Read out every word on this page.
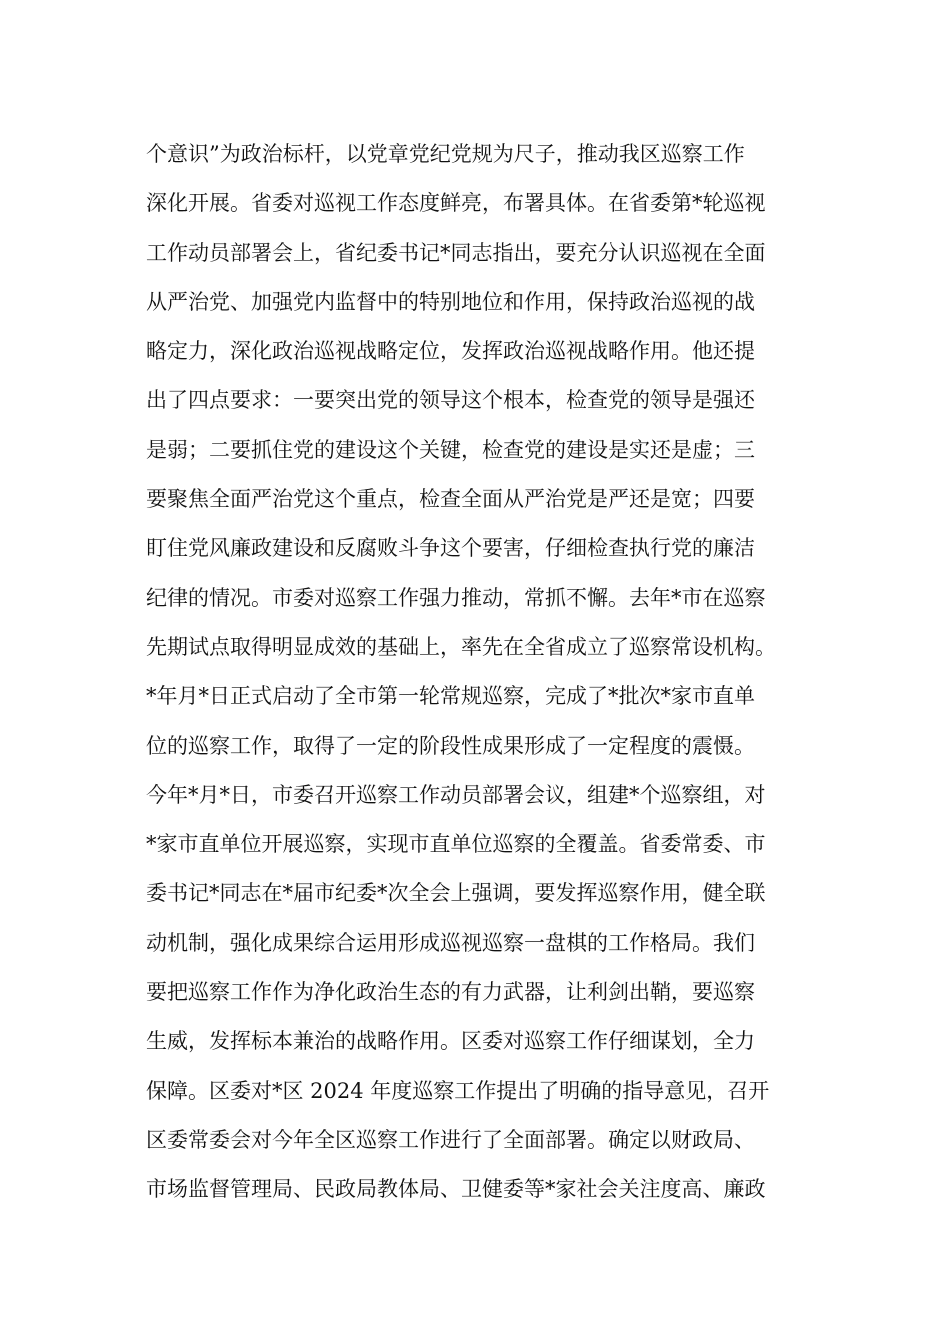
个意识”为政治标杆，以党章党纪党规为尺子，推动我区巡察工作
深化开展。省委对巡视工作态度鲜亮，布署具体。在省委第*轮巡视
工作动员部署会上，省纪委书记*同志指出，要充分认识巡视在全面
从严治党、加强党内监督中的特别地位和作用，保持政治巡视的战
略定力，深化政治巡视战略定位，发挥政治巡视战略作用。他还提
出了四点要求：一要突出党的领导这个根本，检查党的领导是强还
是弱；二要抓住党的建设这个关键，检查党的建设是实还是虚；三
要聚焦全面严治党这个重点，检查全面从严治党是严还是宽；四要
盯住党风廉政建设和反腐败斗争这个要害，仔细检查执行党的廉洁
纪律的情况。市委对巡察工作强力推动，常抓不懈。去年*市在巡察
先期试点取得明显成效的基础上，率先在全省成立了巡察常设机构。
*年月*日正式启动了全市第一轮常规巡察，完成了*批次*家市直单
位的巡察工作，取得了一定的阶段性成果形成了一定程度的震慑。
今年*月*日，市委召开巡察工作动员部署会议，组建*个巡察组，对
*家市直单位开展巡察，实现市直单位巡察的全覆盖。省委常委、市
委书记*同志在*届市纪委*次全会上强调，要发挥巡察作用，健全联
动机制，强化成果综合运用形成巡视巡察一盘棋的工作格局。我们
要把巡察工作作为净化政治生态的有力武器，让利剑出鞘，要巡察
生威，发挥标本兼治的战略作用。区委对巡察工作仔细谋划，全力
保障。区委对*区 2024 年度巡察工作提出了明确的指导意见，召开
区委常委会对今年全区巡察工作进行了全面部署。确定以财政局、
市场监督管理局、民政局教体局、卫健委等*家社会关注度高、廉政
